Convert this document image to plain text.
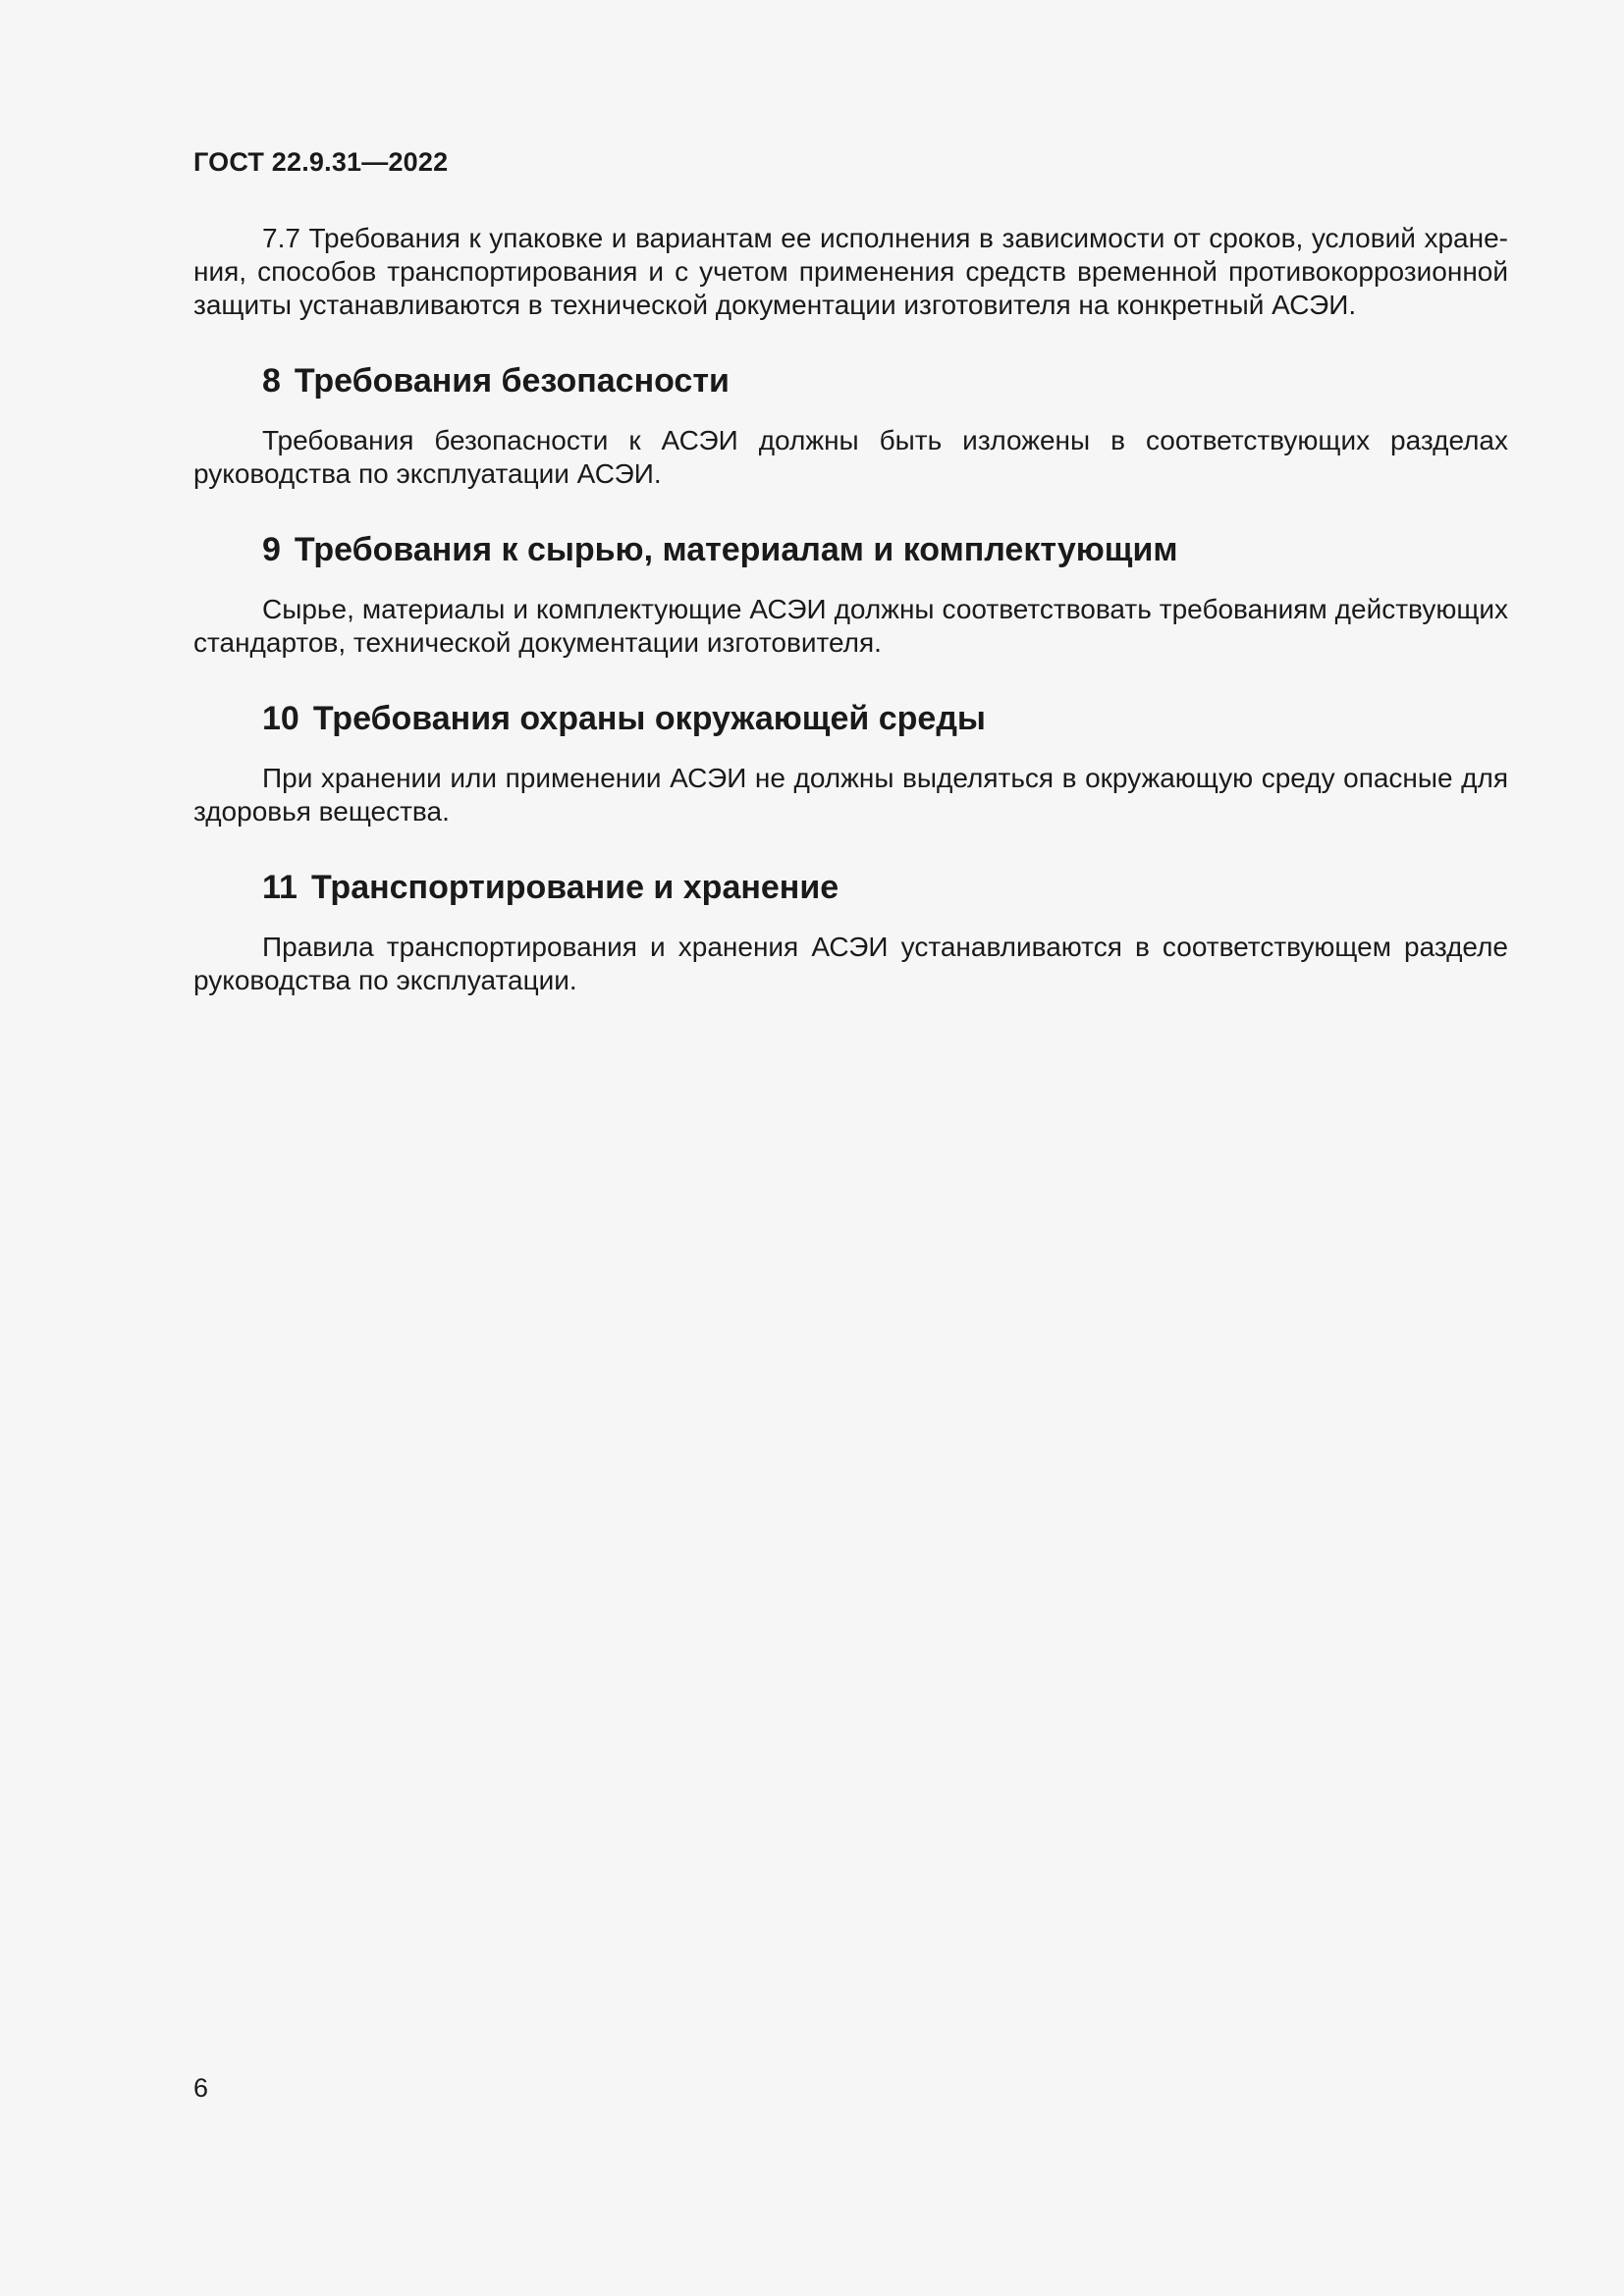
ГОСТ 22.9.31—2022

7.7 Требования к упаковке и вариантам ее исполнения в зависимости от сроков, условий хранения, способов транспортирования и с учетом применения средств временной противокоррозионной защиты устанавливаются в технической документации изготовителя на конкретный АСЭИ.

8 Требования безопасности

Требования безопасности к АСЭИ должны быть изложены в соответствующих разделах руководства по эксплуатации АСЭИ.

9 Требования к сырью, материалам и комплектующим

Сырье, материалы и комплектующие АСЭИ должны соответствовать требованиям действующих стандартов, технической документации изготовителя.

10 Требования охраны окружающей среды

При хранении или применении АСЭИ не должны выделяться в окружающую среду опасные для здоровья вещества.

11 Транспортирование и хранение

Правила транспортирования и хранения АСЭИ устанавливаются в соответствующем разделе руководства по эксплуатации.

6
